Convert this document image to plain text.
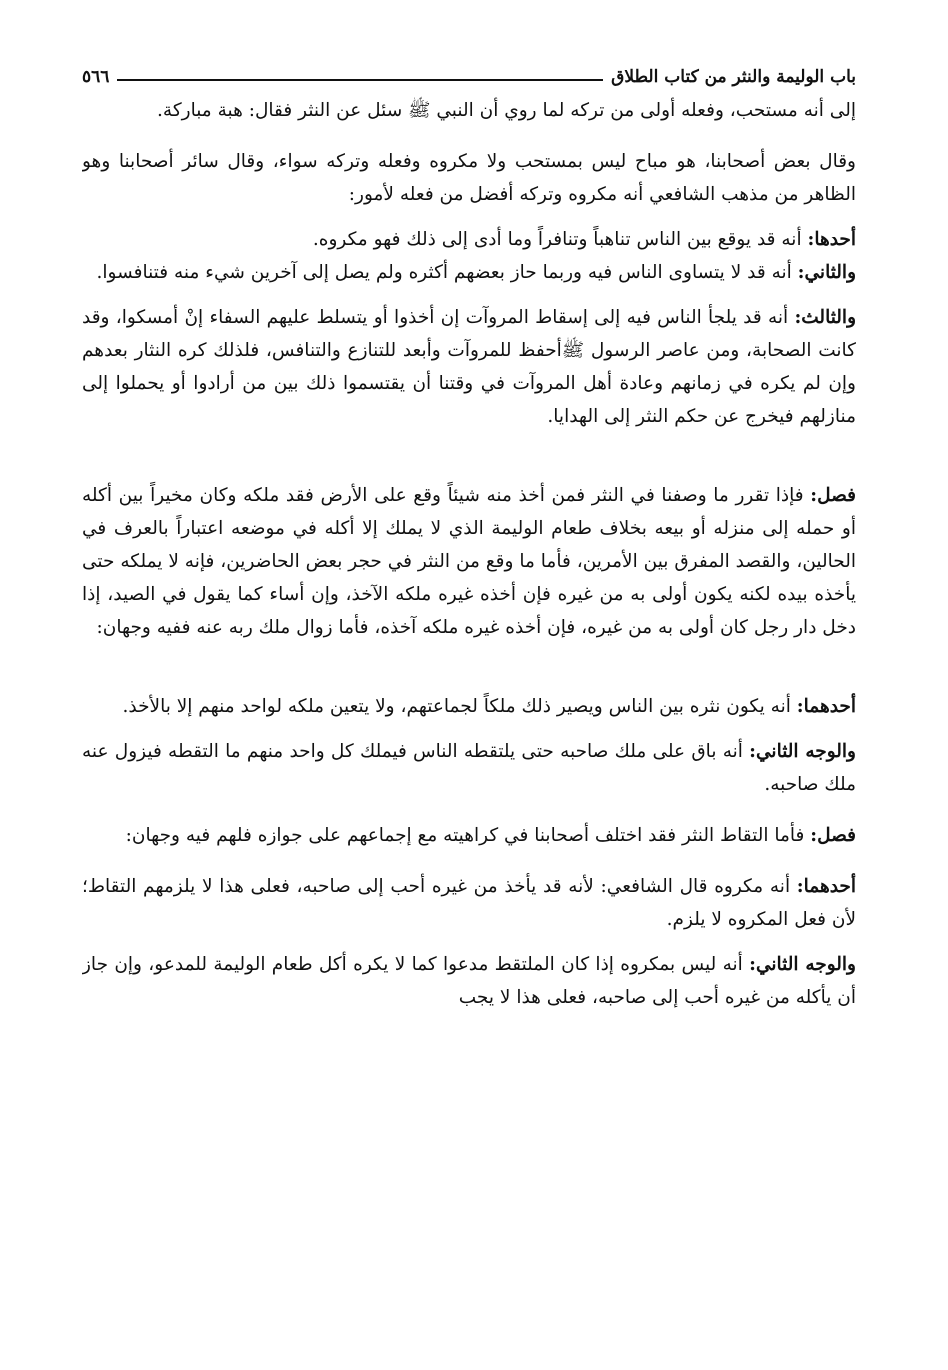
باب الوليمة والنثر من كتاب الطلاق
٥٦٦

إلى أنه مستحب، وفعله أولى من تركه لما روي أن النبي ﷺ سئل عن النثر فقال: هبة مباركة.

وقال بعض أصحابنا، هو مباح ليس بمستحب ولا مكروه وفعله وتركه سواء، وقال سائر أصحابنا وهو الظاهر من مذهب الشافعي أنه مكروه وتركه أفضل من فعله لأمور:

أحدها: أنه قد يوقع بين الناس تناهباً وتنافراً وما أدى إلى ذلك فهو مكروه.

والثاني: أنه قد لا يتساوى الناس فيه وربما حاز بعضهم أكثره ولم يصل إلى آخرين شيء منه فتنافسوا.

والثالث: أنه قد يلجأ الناس فيه إلى إسقاط المروآت إن أخذوا أو يتسلط عليهم السفاء إنْ أمسكوا، وقد كانت الصحابة، ومن عاصر الرسول ﷺأحفظ للمروآت وأبعد للتنازع والتنافس، فلذلك كره النثار بعدهم وإن لم يكره في زمانهم وعادة أهل المروآت في وقتنا أن يقتسموا ذلك بين من أرادوا أو يحملوا إلى منازلهم فيخرج عن حكم النثر إلى الهدايا.

فصل: فإذا تقرر ما وصفنا في النثر فمن أخذ منه شيئاً وقع على الأرض فقد ملكه وكان مخيراً بين أكله أو حمله إلى منزله أو بيعه بخلاف طعام الوليمة الذي لا يملك إلا أكله في موضعه اعتباراً بالعرف في الحالين، والقصد المفرق بين الأمرين، فأما ما وقع من النثر في حجر بعض الحاضرين، فإنه لا يملكه حتى يأخذه بيده لكنه يكون أولى به من غيره فإن أخذه غيره ملكه الآخذ، وإن أساء كما يقول في الصيد، إذا دخل دار رجل كان أولى به من غيره، فإن أخذه غيره ملكه آخذه، فأما زوال ملك ربه عنه ففيه وجهان:

أحدهما: أنه يكون نثره بين الناس ويصير ذلك ملكاً لجماعتهم، ولا يتعين ملكه لواحد منهم إلا بالأخذ.

والوجه الثاني: أنه باق على ملك صاحبه حتى يلتقطه الناس فيملك كل واحد منهم ما التقطه فيزول عنه ملك صاحبه.

فصل: فأما التقاط النثر فقد اختلف أصحابنا في كراهيته مع إجماعهم على جوازه فلهم فيه وجهان:

أحدهما: أنه مكروه قال الشافعي: لأنه قد يأخذ من غيره أحب إلى صاحبه، فعلى هذا لا يلزمهم التقاط؛ لأن فعل المكروه لا يلزم.

والوجه الثاني: أنه ليس بمكروه إذا كان الملتقط مدعوا كما لا يكره أكل طعام الوليمة للمدعو، وإن جاز أن يأكله من غيره أحب إلى صاحبه، فعلى هذا لا يجب
